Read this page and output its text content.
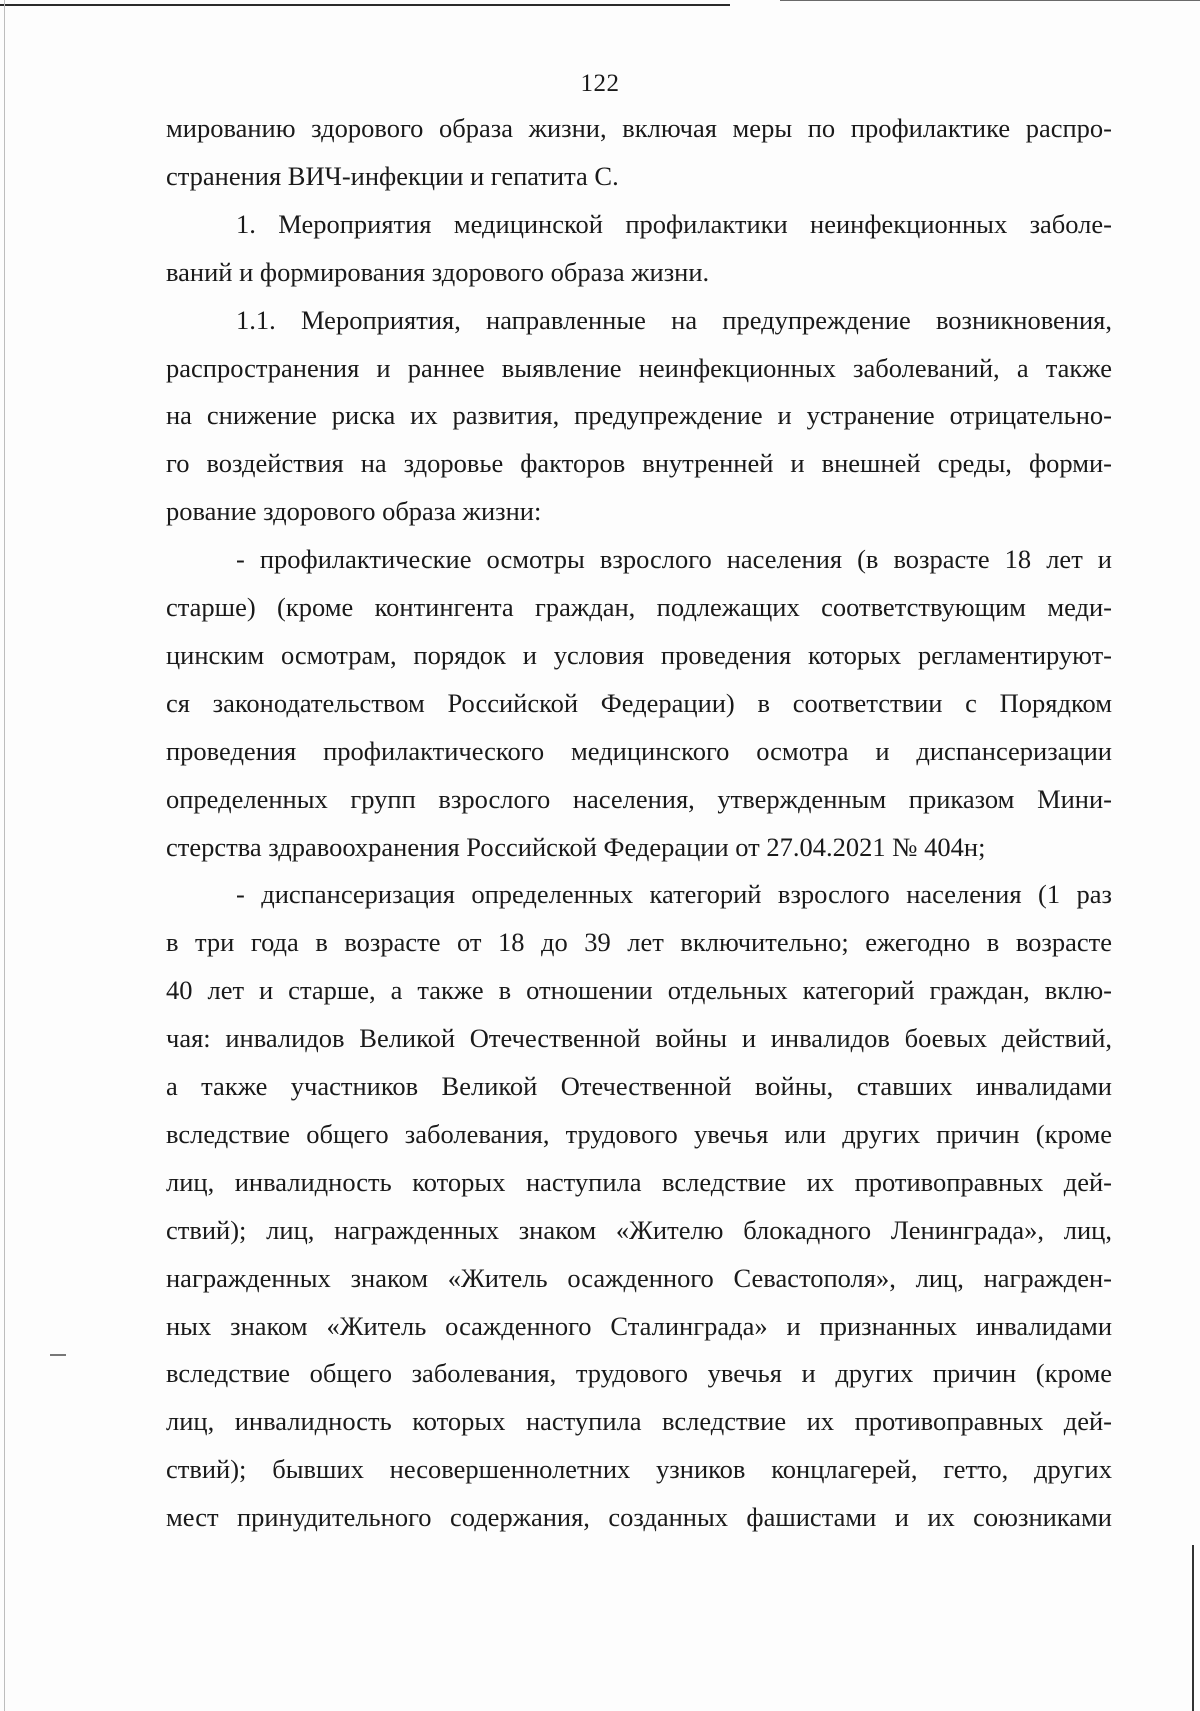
122
мированию здорового образа жизни, включая меры по профилактике распро-
странения ВИЧ-инфекции и гепатита С.
1. Мероприятия медицинской профилактики неинфекционных заболе-
ваний и формирования здорового образа жизни.
1.1. Мероприятия, направленные на предупреждение возникновения,
распространения и раннее выявление неинфекционных заболеваний, а также
на снижение риска их развития, предупреждение и устранение отрицательно-
го воздействия на здоровье факторов внутренней и внешней среды, форми-
рование здорового образа жизни:
- профилактические осмотры взрослого населения (в возрасте 18 лет и
старше) (кроме контингента граждан, подлежащих соответствующим меди-
цинским осмотрам, порядок и условия проведения которых регламентируют-
ся законодательством Российской Федерации) в соответствии с Порядком
проведения профилактического медицинского осмотра и диспансеризации
определенных групп взрослого населения, утвержденным приказом Мини-
стерства здравоохранения Российской Федерации от 27.04.2021 № 404н;
- диспансеризация определенных категорий взрослого населения (1 раз
в три года в возрасте от 18 до 39 лет включительно; ежегодно в возрасте
40 лет и старше, а также в отношении отдельных категорий граждан, вклю-
чая: инвалидов Великой Отечественной войны и инвалидов боевых действий,
а также участников Великой Отечественной войны, ставших инвалидами
вследствие общего заболевания, трудового увечья или других причин (кроме
лиц, инвалидность которых наступила вследствие их противоправных дей-
ствий); лиц, награжденных знаком «Жителю блокадного Ленинграда», лиц,
награжденных знаком «Житель осажденного Севастополя», лиц, награжден-
ных знаком «Житель осажденного Сталинграда» и признанных инвалидами
вследствие общего заболевания, трудового увечья и других причин (кроме
лиц, инвалидность которых наступила вследствие их противоправных дей-
ствий); бывших несовершеннолетних узников концлагерей, гетто, других
мест принудительного содержания, созданных фашистами и их союзниками
